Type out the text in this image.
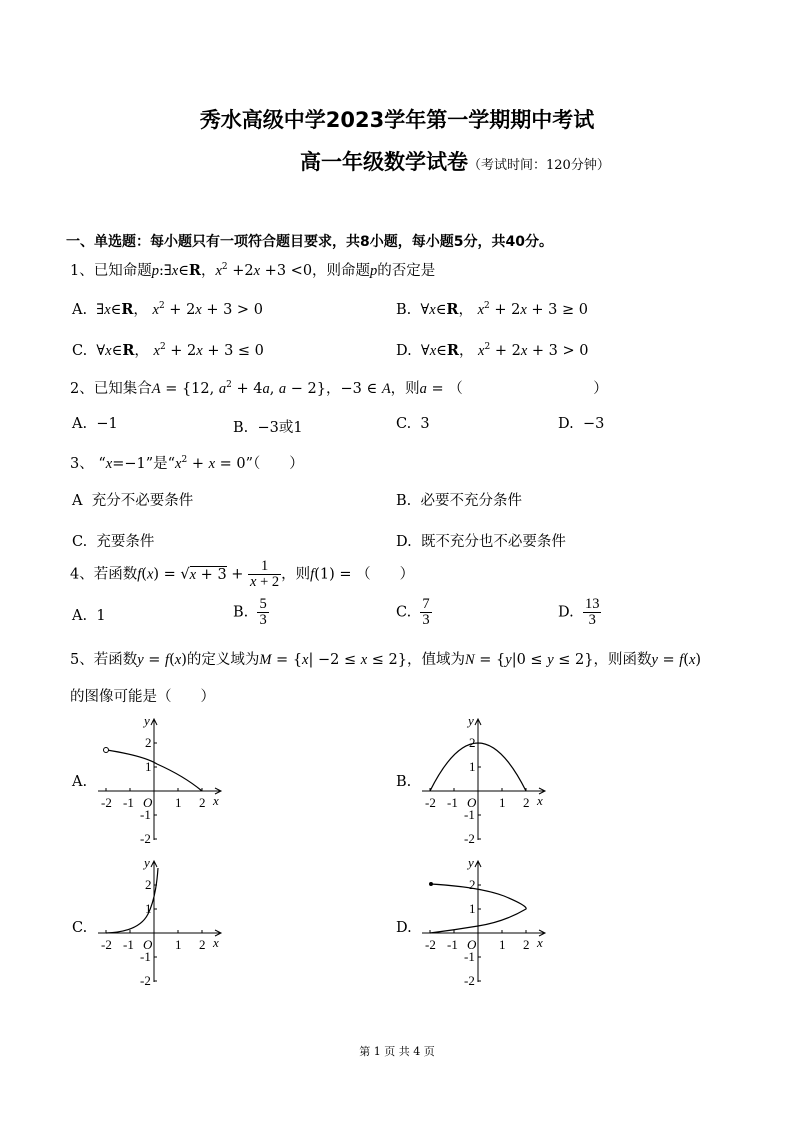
秀水高级中学2023学年第一学期期中考试
高一年级数学试卷（考试时间：120分钟）
一、单选题：每小题只有一项符合题目要求，共8小题，每小题5分，共40分。
1、已知命题p:∃x∈R，$x^2 +2x +3 <0$，则命题p的否定是
A.  ∃x∈R， $x^2 + 2x + 3 > 0$	B.  ∀x∈R， $x^2 + 2x + 3 \ge 0$
C.  ∀x∈R， $x^2 + 2x + 3 \le 0$	D.  ∀x∈R， $x^2 + 2x + 3 > 0$
2、已知集合A = {12, $a^2 + 4a$, a − 2}，−3 ∈ A，则a = （　　　　　　　　　）
A. −1	B. −3或1	C. 3	D. −3
3、 “x=−1”是“$x^2 + x$ = 0”（　　）
A 充分不必要条件	B. 必要不充分条件
C. 充要条件	D. 既不充分也不必要条件
4、若函数$f(x) = √x + 3 + \frac{1}{x + 2}$ ，则f(1) = （　　）
A. 1	B. $\frac{5}{3}$	C. $\frac{7}{3}$	D. $\frac{13}{3}$
5、若函数y = f(x)的定义域为M = {x| −2 ≤ x ≤ 2}，值域为N = {y|0 ≤ y ≤ 2}，则函数y = f(x)
的图像可能是（　　）
A.	B.
C.	D.
-2 -1	1 2
2
1
-1
-2
O	x
y
-2 -1	1 2
2
1
-1
-2
O	x
y
-2 -1	1 2
2
1
-1
-2
O	x
y
-2 -1	1 2
2
1
-1
-2
O	x
y
第 1 页 共 4 页
